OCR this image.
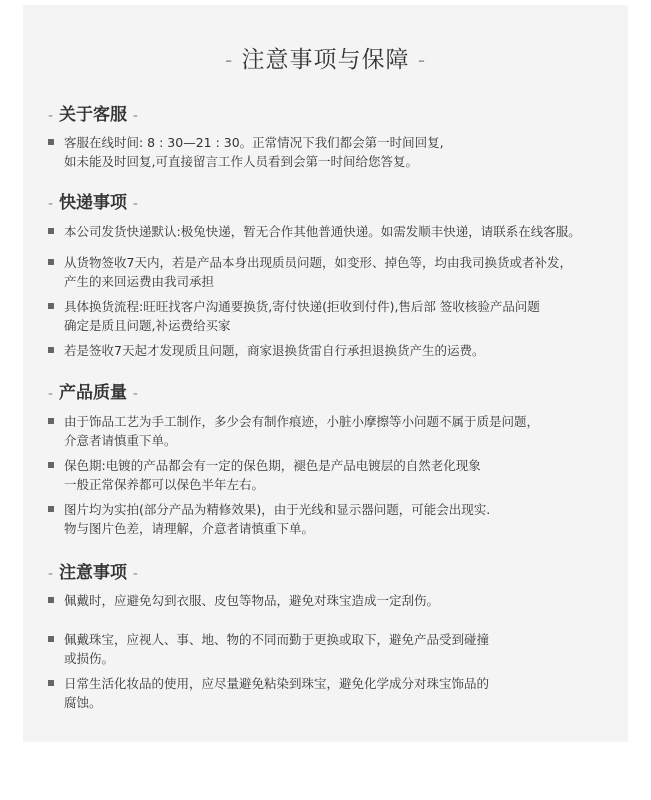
- 注意事项与保障 -
- 关于客服 -
客服在线时间: 8 : 30—21 : 30。正常情况下我们都会第一时间回复,
如未能及时回复,可直接留言工作人员看到会第一时间给您答复。
- 快递事项 -
本公司发货快递默认:极兔快递，暂无合作其他普通快递。如需发顺丰快递，请联系在线客服。
从货物签收7天内，若是产品本身出现质员问题，如变形、掉色等，均由我司换货或者补发，
产生的来回运费由我司承担
具体换货流程:旺旺找客户沟通要换货,寄付快递(拒收到付件),售后部 签收核验产品问题
确定是质且问题,补运费给买家
若是签收7天起才发现质且问题，商家退换货雷自行承担退换货产生的运费。
- 产品质量 -
由于饰品工艺为手工制作，多少会有制作痕迹，小脏小摩擦等小问题不属于质是问题，
介意者请慎重下单。
保色期:电镀的产品都会有一定的保色期，褪色是产品电镀层的自然老化现象
一般正常保养都可以保色半年左右。
图片均为实拍(部分产品为精修效果)，由于光线和显示器问题，可能会出现实.
物与图片色差，请理解，介意者请慎重下单。
- 注意事项 -
佩戴时，应避免勾到衣服、皮包等物品，避免对珠宝造成一定刮伤。
佩戴珠宝，应视人、事、地、物的不同而勤于更换或取下，避免产品受到碰撞
或损伤。
日常生活化妆品的使用，应尽量避免粘染到珠宝，避免化学成分对珠宝饰品的
腐蚀。
